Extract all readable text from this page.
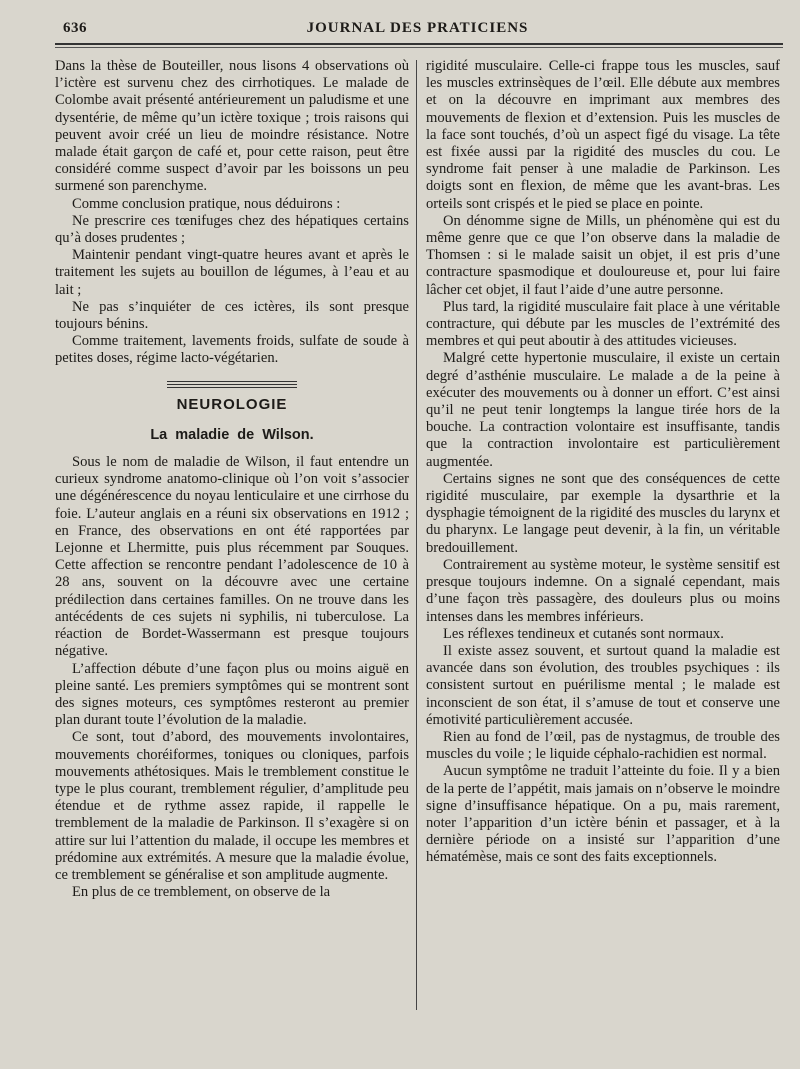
636	JOURNAL DES PRATICIENS

Dans la thèse de Bouteiller, nous lisons 4 observations où l’ictère est survenu chez des cirrhotiques. Le malade de Colombe avait présenté antérieurement un paludisme et une dysentérie, de même qu’un ictère toxique ; trois raisons qui peuvent avoir créé un lieu de moindre résistance. Notre malade était garçon de café et, pour cette raison, peut être considéré comme suspect d’avoir par les boissons un peu surmené son parenchyme.

Comme conclusion pratique, nous déduirons :

Ne prescrire ces tœnifuges chez des hépatiques certains qu’à doses prudentes ;

Maintenir pendant vingt-quatre heures avant et après le traitement les sujets au bouillon de légumes, à l’eau et au lait ;

Ne pas s’inquiéter de ces ictères, ils sont presque toujours bénins.

Comme traitement, lavements froids, sulfate de soude à petites doses, régime lacto-végétarien.

NEUROLOGIE
La maladie de Wilson.

Sous le nom de maladie de Wilson, il faut entendre un curieux syndrome anatomo-clinique où l’on voit s’associer une dégénérescence du noyau lenticulaire et une cirrhose du foie. L’auteur anglais en a réuni six observations en 1912 ; en France, des observations en ont été rapportées par Lejonne et Lhermitte, puis plus récemment par Souques. Cette affection se rencontre pendant l’adolescence de 10 à 28 ans, souvent on la découvre avec une certaine prédilection dans certaines familles. On ne trouve dans les antécédents de ces sujets ni syphilis, ni tuberculose. La réaction de Bordet-Wassermann est presque toujours négative.

L’affection débute d’une façon plus ou moins aiguë en pleine santé. Les premiers symptômes qui se montrent sont des signes moteurs, ces symptômes resteront au premier plan durant toute l’évolution de la maladie.

Ce sont, tout d’abord, des mouvements involontaires, mouvements choréiformes, toniques ou cloniques, parfois mouvements athétosiques. Mais le tremblement constitue le type le plus courant, tremblement régulier, d’amplitude peu étendue et de rythme assez rapide, il rappelle le tremblement de la maladie de Parkinson. Il s’exagère si on attire sur lui l’attention du malade, il occupe les membres et prédomine aux extrémités. A mesure que la maladie évolue, ce tremblement se généralise et son amplitude augmente.

En plus de ce tremblement, on observe de la

rigidité musculaire. Celle-ci frappe tous les muscles, sauf les muscles extrinsèques de l’œil. Elle débute aux membres et on la découvre en imprimant aux membres des mouvements de flexion et d’extension. Puis les muscles de la face sont touchés, d’où un aspect figé du visage. La tête est fixée aussi par la rigidité des muscles du cou. Le syndrome fait penser à une maladie de Parkinson. Les doigts sont en flexion, de même que les avant-bras. Les orteils sont crispés et le pied se place en pointe.

On dénomme signe de Mills, un phénomène qui est du même genre que ce que l’on observe dans la maladie de Thomsen : si le malade saisit un objet, il est pris d’une contracture spasmodique et douloureuse et, pour lui faire lâcher cet objet, il faut l’aide d’une autre personne.

Plus tard, la rigidité musculaire fait place à une véritable contracture, qui débute par les muscles de l’extrémité des membres et qui peut aboutir à des attitudes vicieuses.

Malgré cette hypertonie musculaire, il existe un certain degré d’asthénie musculaire. Le malade a de la peine à exécuter des mouvements ou à donner un effort. C’est ainsi qu’il ne peut tenir longtemps la langue tirée hors de la bouche. La contraction volontaire est insuffisante, tandis que la contraction involontaire est particulièrement augmentée.

Certains signes ne sont que des conséquences de cette rigidité musculaire, par exemple la dysarthrie et la dysphagie témoignent de la rigidité des muscles du larynx et du pharynx. Le langage peut devenir, à la fin, un véritable bredouillement.

Contrairement au système moteur, le système sensitif est presque toujours indemne. On a signalé cependant, mais d’une façon très passagère, des douleurs plus ou moins intenses dans les membres inférieurs.

Les réflexes tendineux et cutanés sont normaux.

Il existe assez souvent, et surtout quand la maladie est avancée dans son évolution, des troubles psychiques : ils consistent surtout en puérilisme mental ; le malade est inconscient de son état, il s’amuse de tout et conserve une émotivité particulièrement accusée.

Rien au fond de l’œil, pas de nystagmus, de trouble des muscles du voile ; le liquide céphalo-rachidien est normal.

Aucun symptôme ne traduit l’atteinte du foie. Il y a bien de la perte de l’appétit, mais jamais on n’observe le moindre signe d’insuffisance hépatique. On a pu, mais rarement, noter l’apparition d’un ictère bénin et passager, et à la dernière période on a insisté sur l’apparition d’une hématémèse, mais ce sont des faits exceptionnels.
